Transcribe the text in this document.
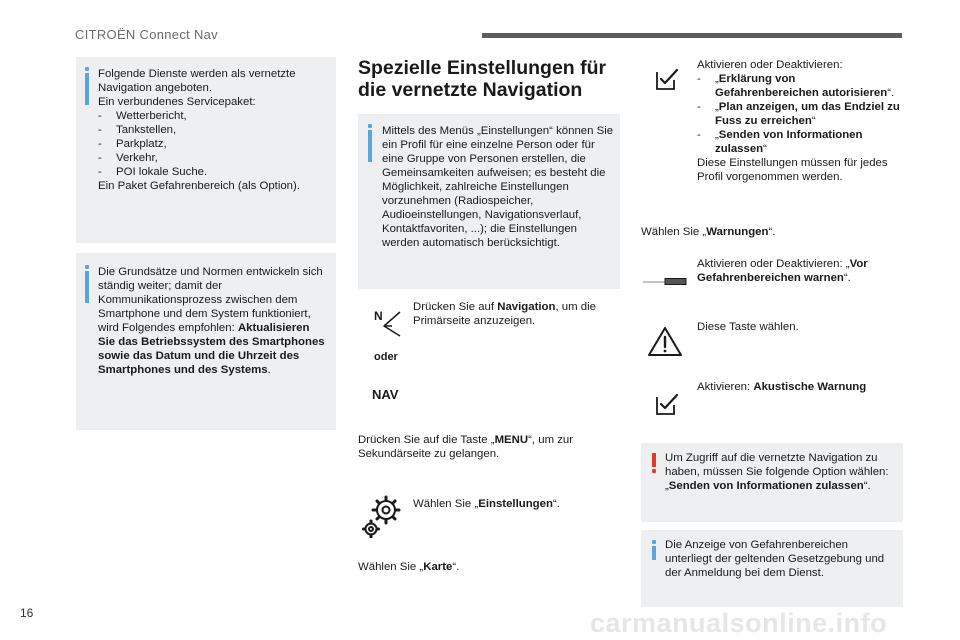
CITROËN Connect Nav
Folgende Dienste werden als vernetzte Navigation angeboten.
Ein verbundenes Servicepaket:
- Wetterbericht,
- Tankstellen,
- Parkplatz,
- Verkehr,
- POI lokale Suche.
Ein Paket Gefahrenbereich (als Option).
Die Grundsätze und Normen entwickeln sich ständig weiter; damit der Kommunikationsprozess zwischen dem Smartphone und dem System funktioniert, wird Folgendes empfohlen: Aktualisieren Sie das Betriebssystem des Smartphones sowie das Datum und die Uhrzeit des Smartphones und des Systems.
Spezielle Einstellungen für die vernetzte Navigation
Mittels des Menüs „Einstellungen“ können Sie ein Profil für eine einzelne Person oder für eine Gruppe von Personen erstellen, die Gemeinsamkeiten aufweisen; es besteht die Möglichkeit, zahlreiche Einstellungen vorzunehmen (Radiospeicher, Audioeinstellungen, Navigationsverlauf, Kontaktfavoriten, ...); die Einstellungen werden automatisch berücksichtigt.
N
oder
NAV
Drücken Sie auf Navigation, um die Primärseite anzuzeigen.
Drücken Sie auf die Taste „MENU“, um zur Sekundärseite zu gelangen.
Wählen Sie „Einstellungen“.
Wählen Sie „Karte“.
Aktivieren oder Deaktivieren:
- „Erklärung von Gefahrenbereichen autorisieren“.
- „Plan anzeigen, um das Endziel zu Fuss zu erreichen“
- „Senden von Informationen zulassen“
Diese Einstellungen müssen für jedes Profil vorgenommen werden.
Wählen Sie „Warnungen“.
Aktivieren oder Deaktivieren: „Vor Gefahrenbereichen warnen“.
Diese Taste wählen.
Aktivieren: Akustische Warnung
Um Zugriff auf die vernetzte Navigation zu haben, müssen Sie folgende Option wählen: „Senden von Informationen zulassen“.
Die Anzeige von Gefahrenbereichen unterliegt der geltenden Gesetzgebung und der Anmeldung bei dem Dienst.
16	carmanualsonline.info
